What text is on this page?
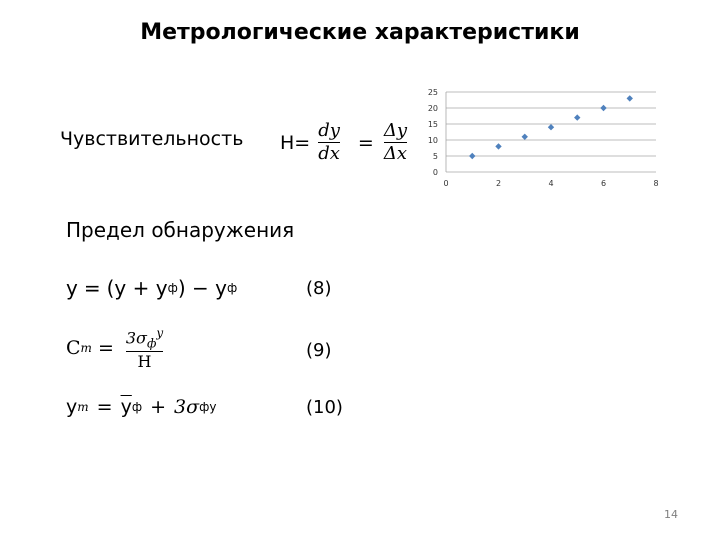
Метрологические характеристики
Чувствительность $H= \frac{dy}{dx} = \frac{\Delta y}{\Delta x}$
0
5
10
15
20
25
0	2	4	6	8
Предел обнаружения
y = (y + y ф ) − y ф	(8)
C $m = \frac{3\sigma_ф^y}{H}$	(9)
y $m = \overline{y}$ ф + 3σ ф y	(10)
14
